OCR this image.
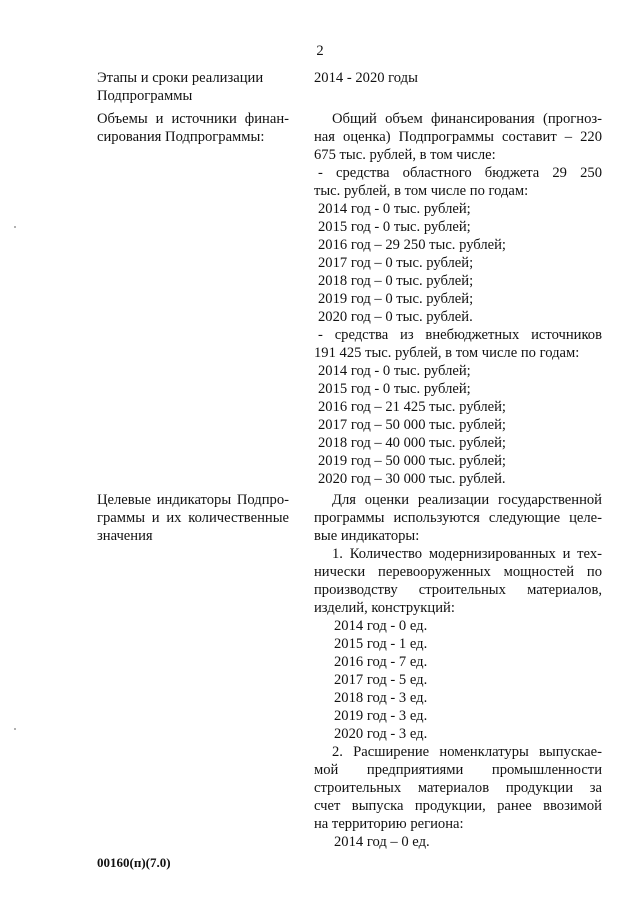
2
Этапы и сроки реализации
Подпрограммы
2014 - 2020 годы
Объемы и источники финан-
сирования Подпрограммы:
Общий объем финансирования (прогноз-
ная оценка) Подпрограммы составит – 220
675 тыс. рублей, в том числе:
- средства областного бюджета 29 250
тыс. рублей, в том числе по годам:
2014 год - 0 тыс. рублей;
2015 год - 0 тыс. рублей;
2016 год – 29 250 тыс. рублей;
2017 год – 0 тыс. рублей;
2018 год – 0 тыс. рублей;
2019 год – 0 тыс. рублей;
2020 год – 0 тыс. рублей.
- средства из внебюджетных источников
191 425 тыс. рублей, в том числе по годам:
2014 год - 0 тыс. рублей;
2015 год - 0 тыс. рублей;
2016 год – 21 425 тыс. рублей;
2017 год – 50 000 тыс. рублей;
2018 год – 40 000 тыс. рублей;
2019 год – 50 000 тыс. рублей;
2020 год – 30 000 тыс. рублей.
Целевые индикаторы Подпро-
граммы и их количественные
значения
Для оценки реализации государственной
программы используются следующие целе-
вые индикаторы:
1. Количество модернизированных и тех-
нически перевооруженных мощностей по
производству строительных материалов,
изделий, конструкций:
2014 год - 0 ед.
2015 год - 1 ед.
2016 год - 7 ед.
2017 год - 5 ед.
2018 год - 3 ед.
2019 год - 3 ед.
2020 год - 3 ед.
2. Расширение номенклатуры выпускае-
мой предприятиями промышленности
строительных материалов продукции за
счет выпуска продукции, ранее ввозимой
на территорию региона:
2014 год – 0 ед.
00160(п)(7.0)
